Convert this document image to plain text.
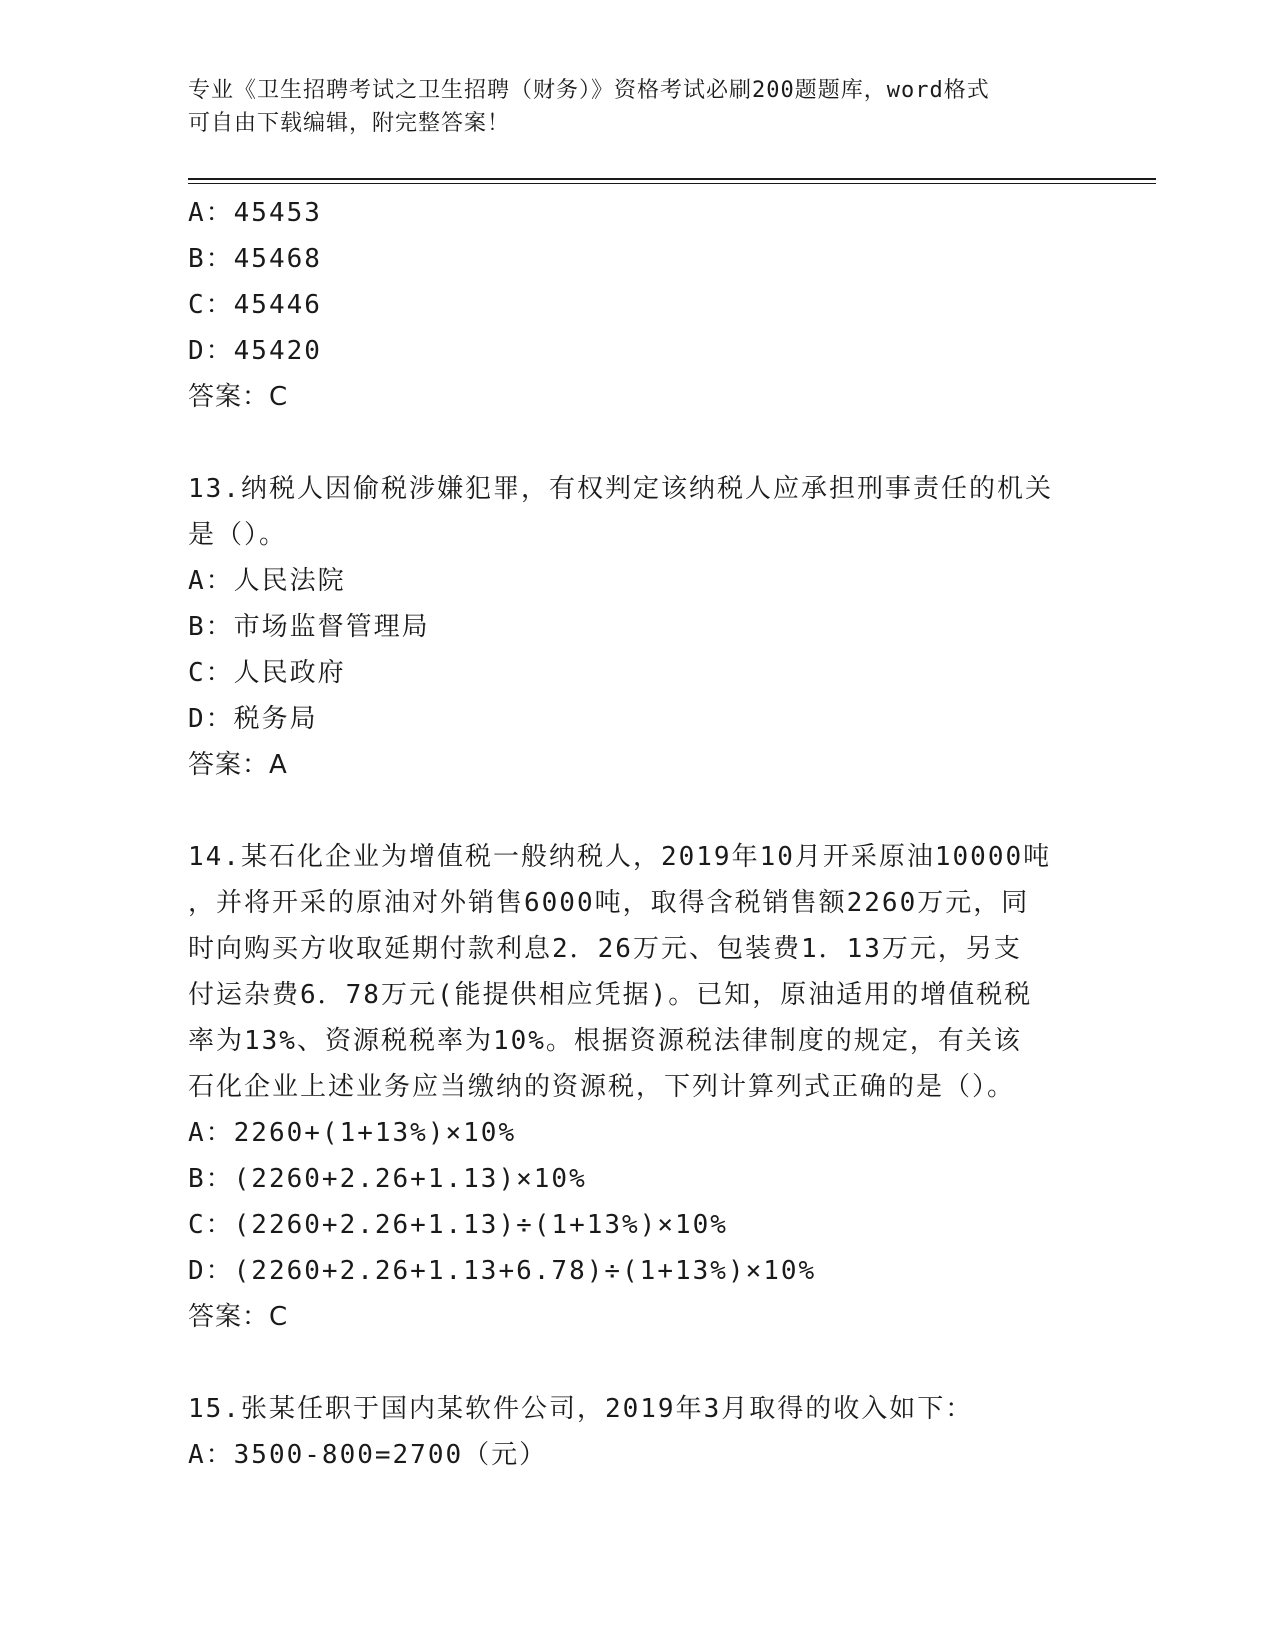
专业《卫生招聘考试之卫生招聘（财务）》资格考试必刷200题题库，word格式
可自由下载编辑，附完整答案！
A：45453
B：45468
C：45446
D：45420
答案：C
13.纳税人因偷税涉嫌犯罪，有权判定该纳税人应承担刑事责任的机关
是（）。
A：人民法院
B：市场监督管理局
C：人民政府
D：税务局
答案：A
14.某石化企业为增值税一般纳税人，2019年10月开采原油10000吨
，并将开采的原油对外销售6000吨，取得含税销售额2260万元，同
时向购买方收取延期付款利息2．26万元、包装费1．13万元，另支
付运杂费6．78万元(能提供相应凭据)。已知，原油适用的增值税税
率为13%、资源税税率为10%。根据资源税法律制度的规定，有关该
石化企业上述业务应当缴纳的资源税，下列计算列式正确的是（）。
A：2260+(1+13%)×10%
B：(2260+2.26+1.13)×10%
C：(2260+2.26+1.13)÷(1+13%)×10%
D：(2260+2.26+1.13+6.78)÷(1+13%)×10%
答案：C
15.张某任职于国内某软件公司，2019年3月取得的收入如下：
A：3500-800=2700（元）
